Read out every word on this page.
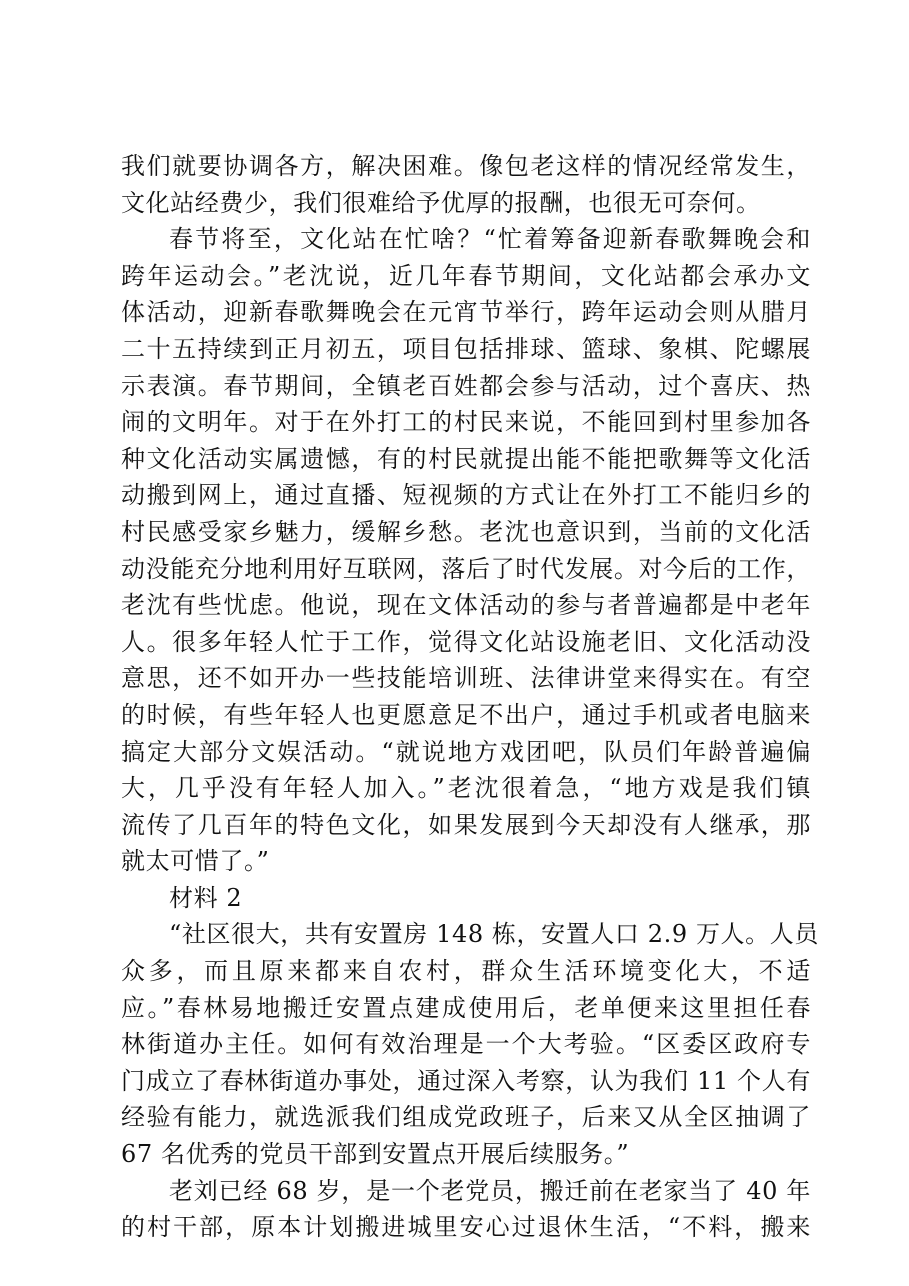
我们就要协调各方，解决困难。像包老这样的情况经常发生，
文化站经费少，我们很难给予优厚的报酬，也很无可奈何。
春节将至，文化站在忙啥？“忙着筹备迎新春歌舞晚会和
跨年运动会。”老沈说，近几年春节期间，文化站都会承办文
体活动，迎新春歌舞晚会在元宵节举行，跨年运动会则从腊月
二十五持续到正月初五，项目包括排球、篮球、象棋、陀螺展
示表演。春节期间，全镇老百姓都会参与活动，过个喜庆、热
闹的文明年。对于在外打工的村民来说，不能回到村里参加各
种文化活动实属遗憾，有的村民就提出能不能把歌舞等文化活
动搬到网上，通过直播、短视频的方式让在外打工不能归乡的
村民感受家乡魅力，缓解乡愁。老沈也意识到，当前的文化活
动没能充分地利用好互联网，落后了时代发展。对今后的工作，
老沈有些忧虑。他说，现在文体活动的参与者普遍都是中老年
人。很多年轻人忙于工作，觉得文化站设施老旧、文化活动没
意思，还不如开办一些技能培训班、法律讲堂来得实在。有空
的时候，有些年轻人也更愿意足不出户，通过手机或者电脑来
搞定大部分文娱活动。“就说地方戏团吧，队员们年龄普遍偏
大，几乎没有年轻人加入。”老沈很着急，“地方戏是我们镇
流传了几百年的特色文化，如果发展到今天却没有人继承，那
就太可惜了。”
材料 2
“社区很大，共有安置房 148 栋，安置人口 2.9 万人。人员
众多，而且原来都来自农村，群众生活环境变化大，不适
应。”春林易地搬迁安置点建成使用后，老单便来这里担任春
林街道办主任。如何有效治理是一个大考验。“区委区政府专
门成立了春林街道办事处，通过深入考察，认为我们 11 个人有
经验有能力，就选派我们组成党政班子，后来又从全区抽调了
67 名优秀的党员干部到安置点开展后续服务。”
老刘已经 68 岁，是一个老党员，搬迁前在老家当了 40 年
的村干部，原本计划搬进城里安心过退休生活，“不料，搬来
